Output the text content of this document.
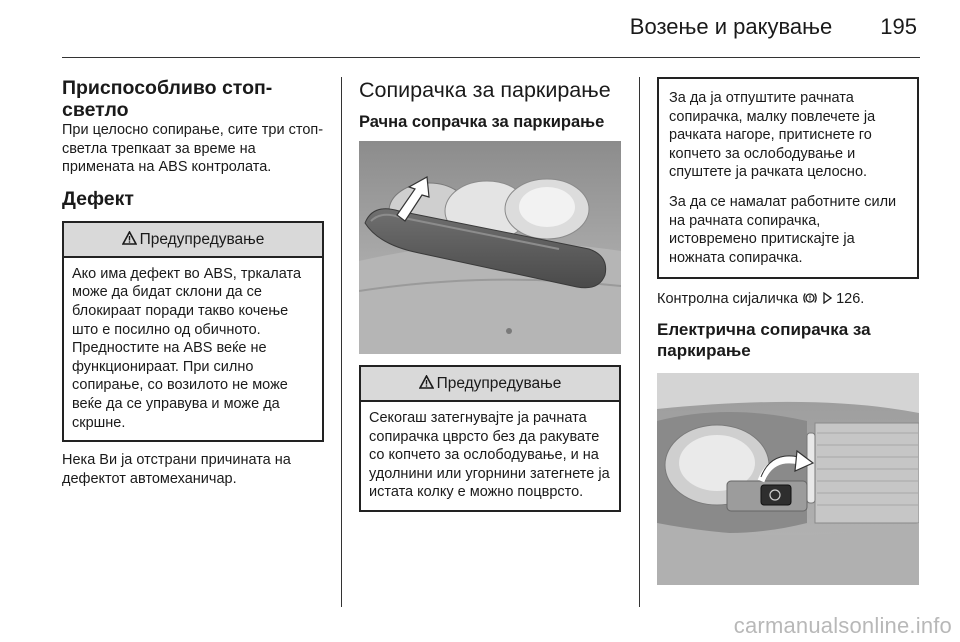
Возење и ракување 195
Приспособливо стоп-светло

При целосно сопирање, сите три стоп-светла трепкаат за време на примената на ABS контролата.

Дефект
Предупредување

Ако има дефект во ABS, тркалата може да бидат склони да се блокираат поради такво кочење што е посилно од обичното. Предностите на ABS веќе не функционираат. При силно сопирање, со возилото не може веќе да се управува и може да скршне.

Нека Ви ја отстрани причината на дефектот автомеханичар.

Сопирачка за паркирање
Рачна сопрачка за паркирање
Предупредување

Секогаш затегнувајте ја рачната сопирачка цврсто без да ракувате со копчето за ослободување, и на удолнини или угорнини затегнете ја истата колку е можно поцврсто.

За да ја отпуштите рачната сопирачка, малку повлечете ја рачката нагоре, притиснете го копчето за ослободување и спуштете ја рачката целосно.

За да се намалат работните сили на рачната сопирачка, истовремено притискајте ја ножната сопирачка.

Контролна сијаличка	126.

Електрична сопирачка за паркирање
carmanualsonline.info
